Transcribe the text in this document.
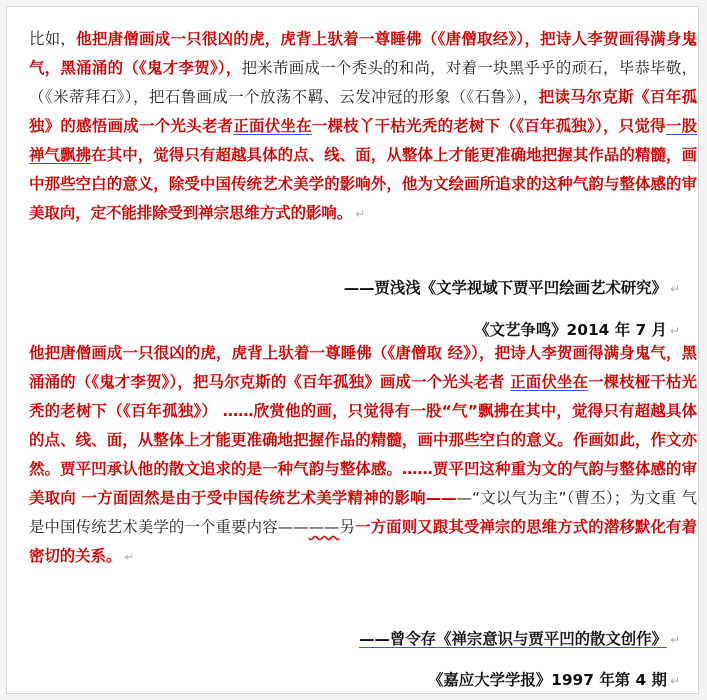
比如，他把唐僧画成一只很凶的虎，虎背上驮着一尊睡佛（《唐僧取经》），把诗人李贺画得满身鬼气，黑涌涌的（《鬼才李贺》），把米芾画成一个秃头的和尚，对着一块黑乎乎的顽石，毕恭毕敬，（《米蒂拜石》），把石鲁画成一个放荡不羁、云发冲冠的形象（《石鲁》），把读马尔克斯《百年孤独》的感悟画成一个光头老者正面伏坐在一棵枝丫干枯光秃的老树下（《百年孤独》），只觉得一股禅气飘拂在其中，觉得只有超越具体的点、线、面，从整体上才能更准确地把握其作品的精髓，画中那些空白的意义，除受中国传统艺术美学的影响外，他为文绘画所追求的这种气韵与整体感的审美取向，定不能排除受到禅宗思维方式的影响。 ↵

——贾浅浅《文学视域下贾平凹绘画艺术研究》 ↵
《文艺争鸣》2014 年 7 月 ↵

他把唐僧画成一只很凶的虎，虎背上驮着一尊睡佛（《唐僧取 经》），把诗人李贺画得满身鬼气，黑涌涌的（《鬼才李贺》），把马尔克斯的《百年孤独》画成一个光头老者 正面伏坐在一棵枝桠干枯光秃的老树下（《百年孤独》） ……欣赏他的画，只觉得有一股“气”飘拂在其中，觉得只有超越具体的点、线、面，从整体上才能更准确地把握作品的精髓，画中那些空白的意义。作画如此，作文亦然。贾平凹承认他的散文追求的是一种气韵与整体感。……贾平凹这种重为文的气韵与整体感的审美取向 一方面固然是由于受中国传统艺术美学精神的影响———“文以气为主”（曹丕）；为文重 气 是中国传统艺术美学的一个重要内容————另一方面则又跟其受禅宗的思维方式的潜移默化有着密切的关系。 ↵

——曾令存《禅宗意识与贾平凹的散文创作》 ↵
《嘉应大学学报》1997 年第 4 期 ↵
